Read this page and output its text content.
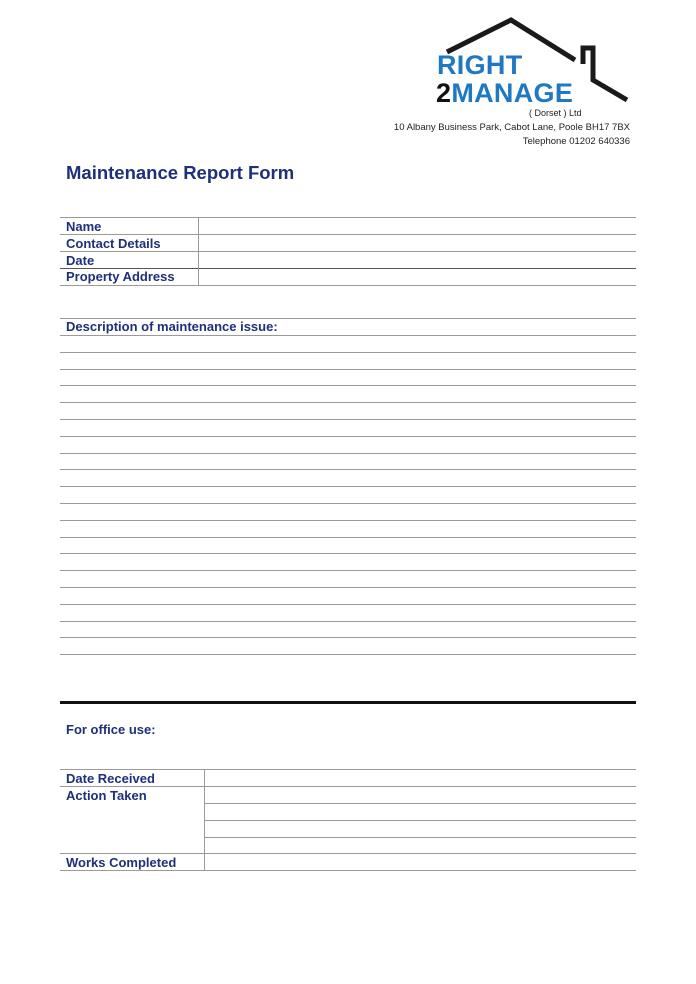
RIGHT
2MANAGE
( Dorset ) Ltd
10 Albany Business Park, Cabot Lane, Poole BH17 7BX
Telephone 01202 640336
Maintenance Report Form
Name
Contact Details
Date
Property Address
Description of maintenance issue:
For office use:
Date Received
Action Taken
Works Completed
